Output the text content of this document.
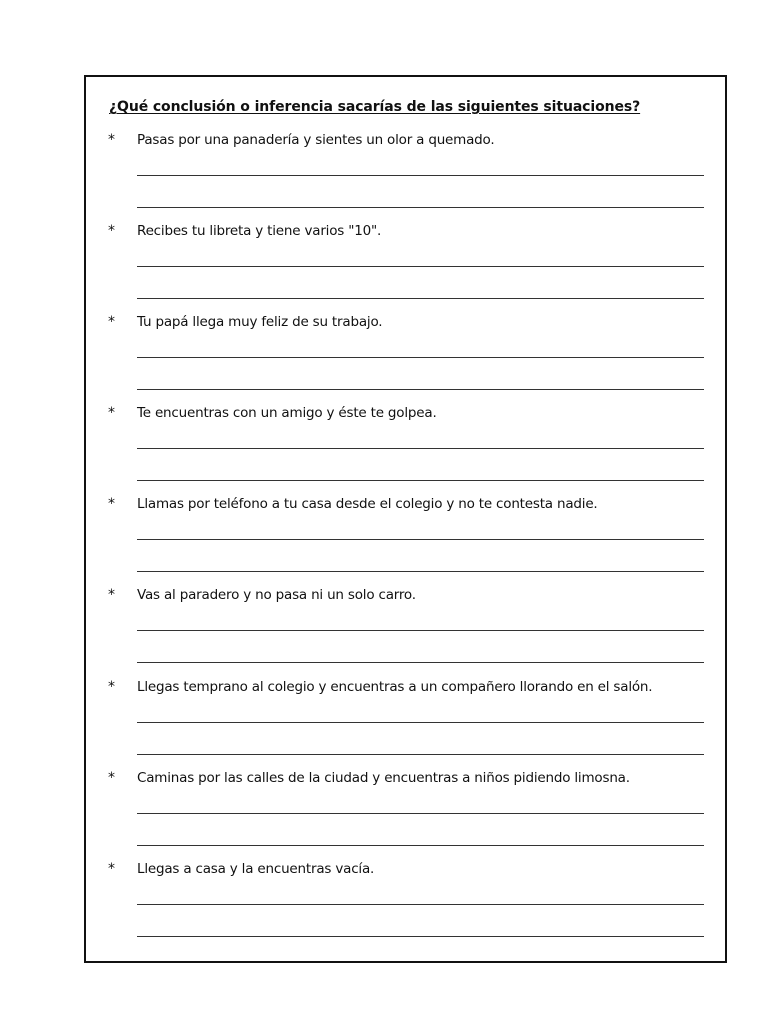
¿Qué conclusión o inferencia sacarías de las siguientes situaciones?
* Pasas por una panadería y sientes un olor a quemado.
* Recibes tu libreta y tiene varios "10".
* Tu papá llega muy feliz de su trabajo.
* Te encuentras con un amigo y éste te golpea.
* Llamas por teléfono a tu casa desde el colegio y no te contesta nadie.
* Vas al paradero y no pasa ni un solo carro.
* Llegas temprano al colegio y encuentras a un compañero llorando en el salón.
* Caminas por las calles de la ciudad y encuentras a niños pidiendo limosna.
* Llegas a casa y la encuentras vacía.
